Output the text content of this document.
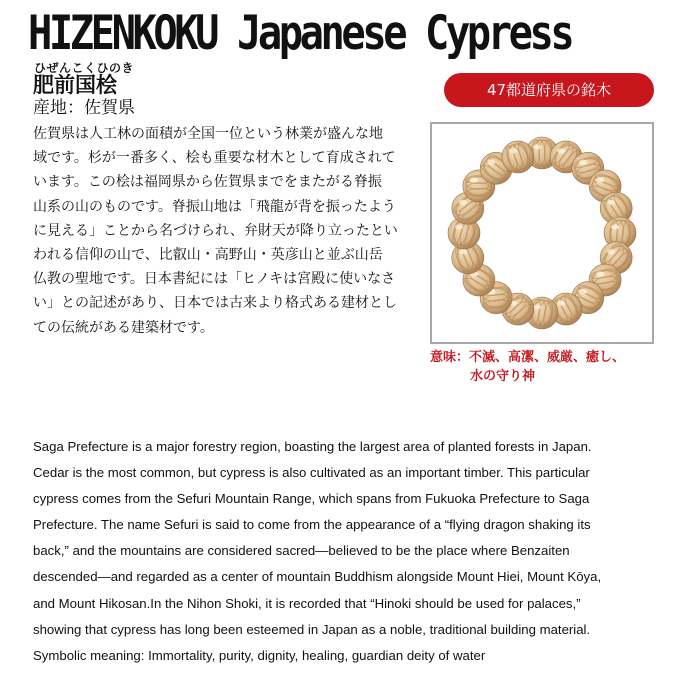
HIZENKOKU Japanese Cypress
ひぜんこくひのき
肥前国桧
産地：佐賀県
47都道府県の銘木

佐賀県は人工林の面積が全国一位という林業が盛んな地

域です。杉が一番多く、桧も重要な材木として育成されて

います。この桧は福岡県から佐賀県までをまたがる脊振

山系の山のものです。脊振山地は「飛龍が背を振ったよう

に見える」ことから名づけられ、弁財天が降り立ったとい

われる信仰の山で、比叡山・高野山・英彦山と並ぶ山岳

仏教の聖地です。日本書紀には「ヒノキは宮殿に使いなさ

い」との記述があり、日本では古来より格式ある建材とし

ての伝統がある建築材です。

意味：不滅、高潔、威厳、癒し、

水の守り神

Saga Prefecture is a major forestry region, boasting the largest area of planted forests in Japan.

Cedar is the most common, but cypress is also cultivated as an important timber. This particular

cypress comes from the Sefuri Mountain Range, which spans from Fukuoka Prefecture to Saga

Prefecture. The name Sefuri is said to come from the appearance of a “flying dragon shaking its

back,” and the mountains are considered sacred—believed to be the place where Benzaiten

descended—and regarded as a center of mountain Buddhism alongside Mount Hiei, Mount Kōya,

and Mount Hikosan.In the Nihon Shoki, it is recorded that “Hinoki should be used for palaces,”

showing that cypress has long been esteemed in Japan as a noble, traditional building material.

Symbolic meaning: Immortality, purity, dignity, healing, guardian deity of water
